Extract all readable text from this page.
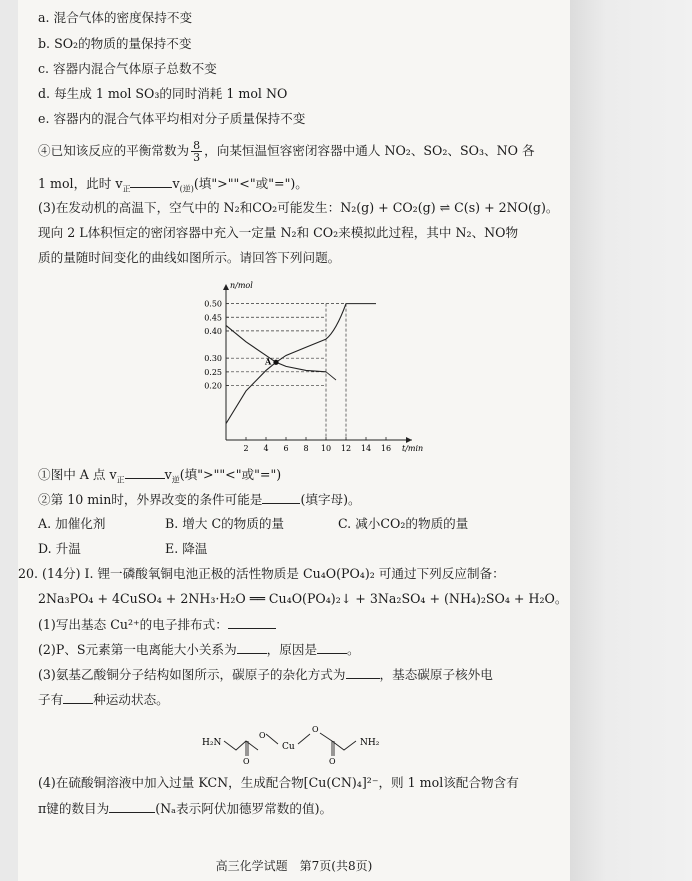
a. 混合气体的密度保持不变
b. SO₂的物质的量保持不变
c. 容器内混合气体原子总数不变
d. 每生成 1 mol SO₃的同时消耗 1 mol NO
e. 容器内的混合气体平均相对分子质量保持不变
④已知该反应的平衡常数为 $\frac{8}{3}$ ，向某恒温恒容密闭容器中通人 NO₂、SO₂、SO₃、NO 各
1 mol，此时 $v_正$	$v_{(逆)}$(填">""<"或"=")。
(3)在发动机的高温下，空气中的 N₂和CO₂可能发生：N₂(g) + CO₂(g) ⇌ C(s) + 2NO(g)。
现向 2 L体积恒定的密闭容器中充入一定量 N₂和 CO₂来模拟此过程，其中 N₂、NO物
质的量随时间变化的曲线如图所示。请回答下列问题。
0.20
0.25
0.30
0.40
0.45
0.50
2 4 6 8 10 12 14 16
n/mol
t/min
A
①图中 A 点 $v_正$	$v_逆$(填">""<"或"=")
②第 10 min时，外界改变的条件可能是	(填字母)。
A. 加催化剂	B. 增大 C的物质的量	C. 减小CO₂的物质的量
D. 升温	E. 降温
20. (14分) Ⅰ. 锂一磷酸氧铜电池正极的活性物质是 Cu₄O(PO₄)₂ 可通过下列反应制备：
2Na₃PO₄ + 4CuSO₄ + 2NH₃·H₂O ══ Cu₄O(PO₄)₂↓ + 3Na₂SO₄ + (NH₄)₂SO₄ + H₂O。
(1)写出基态 Cu²⁺的电子排布式：
(2)P、S元素第一电离能大小关系为 ，原因是 。
(3)氨基乙酸铜分子结构如图所示，碳原子的杂化方式为	，基态碳原子核外电
子有 种运动状态。
H₂N
O
O
Cu
O
O
NH₂
(4)在硫酸铜溶液中加入过量 KCN，生成配合物[Cu(CN)₄]²⁻，则 1 mol该配合物含有
π键的数目为	(Nₐ表示阿伏加德罗常数的值)。
高三化学试题　第7页(共8页)
